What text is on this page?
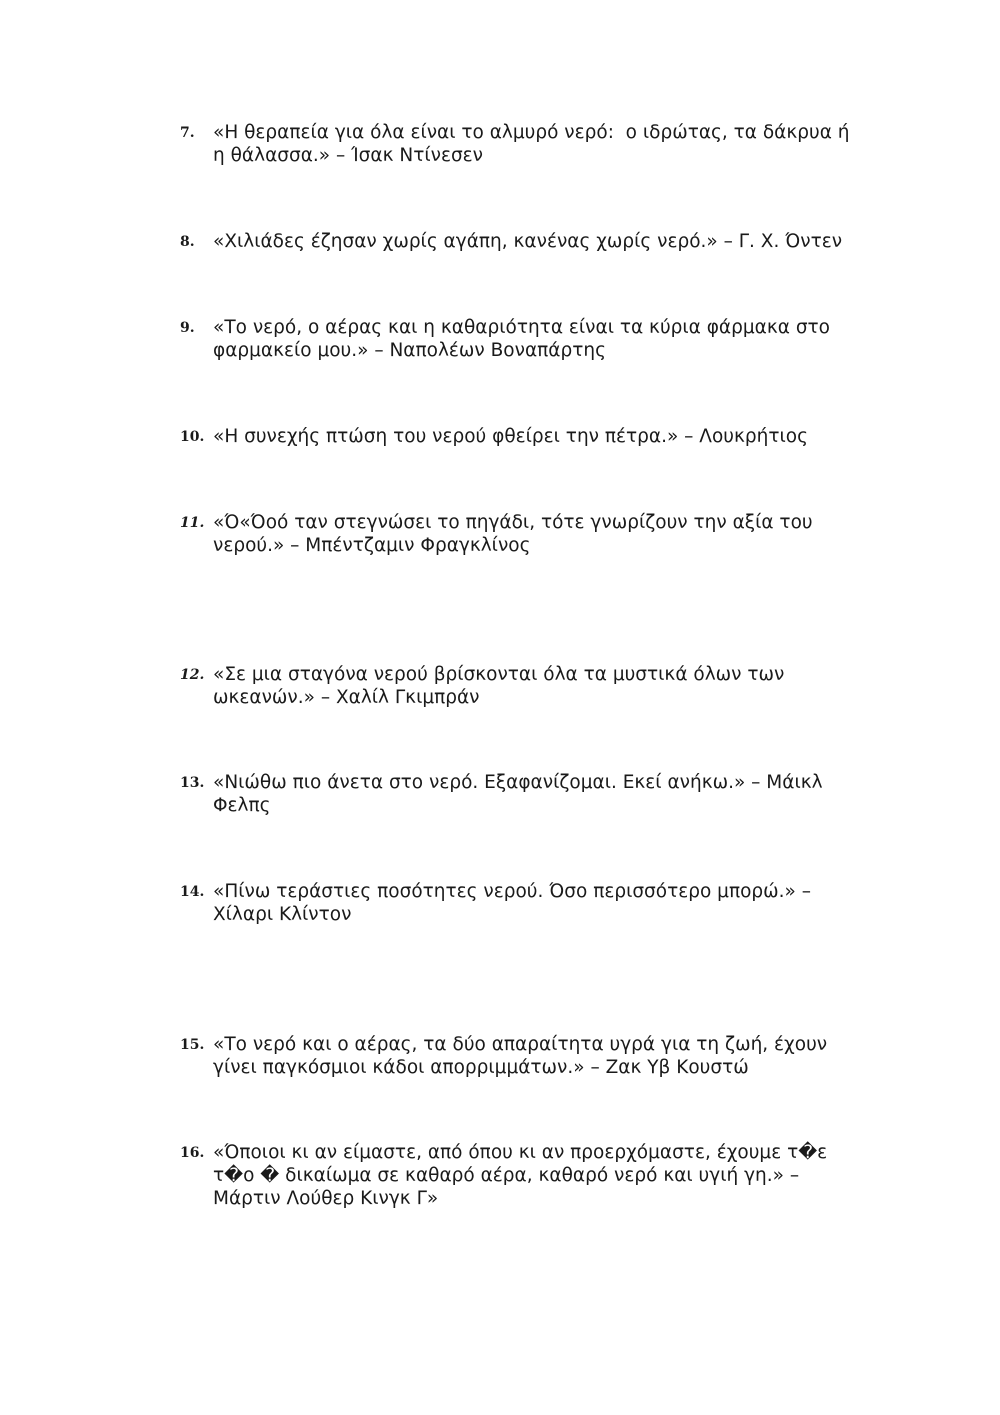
7. «Η θεραπεία για όλα είναι το αλμυρό νερό:  ο ιδρώτας, τα δάκρυα ή
η θάλασσα.» – Ίσακ Ντίνεσεν
8. «Χιλιάδες έζησαν χωρίς αγάπη, κανένας χωρίς νερό.» – Γ. Χ. Όντεν
9. «Το νερό, ο αέρας και η καθαριότητα είναι τα κύρια φάρμακα στο
φαρμακείο μου.» – Ναπολέων Βοναπάρτης
10. «Η συνεχής πτώση του νερού φθείρει την πέτρα.» – Λουκρήτιος
11. «Ό«Όοό ταν στεγνώσει το πηγάδι, τότε γνωρίζουν την αξία του
νερού.» – Μπέντζαμιν Φραγκλίνος
12. «Σε μια σταγόνα νερού βρίσκονται όλα τα μυστικά όλων των
ωκεανών.» – Χαλίλ Γκιμπράν
13. «Νιώθω πιο άνετα στο νερό. Εξαφανίζομαι. Εκεί ανήκω.» – Μάικλ
Φελπς
14. «Πίνω τεράστιες ποσότητες νερού. Όσο περισσότερο μπορώ.» –
Χίλαρι Κλίντον
15. «Το νερό και ο αέρας, τα δύο απαραίτητα υγρά για τη ζωή, έχουν
γίνει παγκόσμιοι κάδοι απορριμμάτων.» – Ζακ Υβ Κουστώ
16. «Όποιοι κι αν είμαστε, από όπου κι αν προερχόμαστε, έχουμε τ�ε
τ�ο � δικαίωμα σε καθαρό αέρα, καθαρό νερό και υγιή γη.» –
Μάρτιν Λούθερ Κινγκ Γ»
